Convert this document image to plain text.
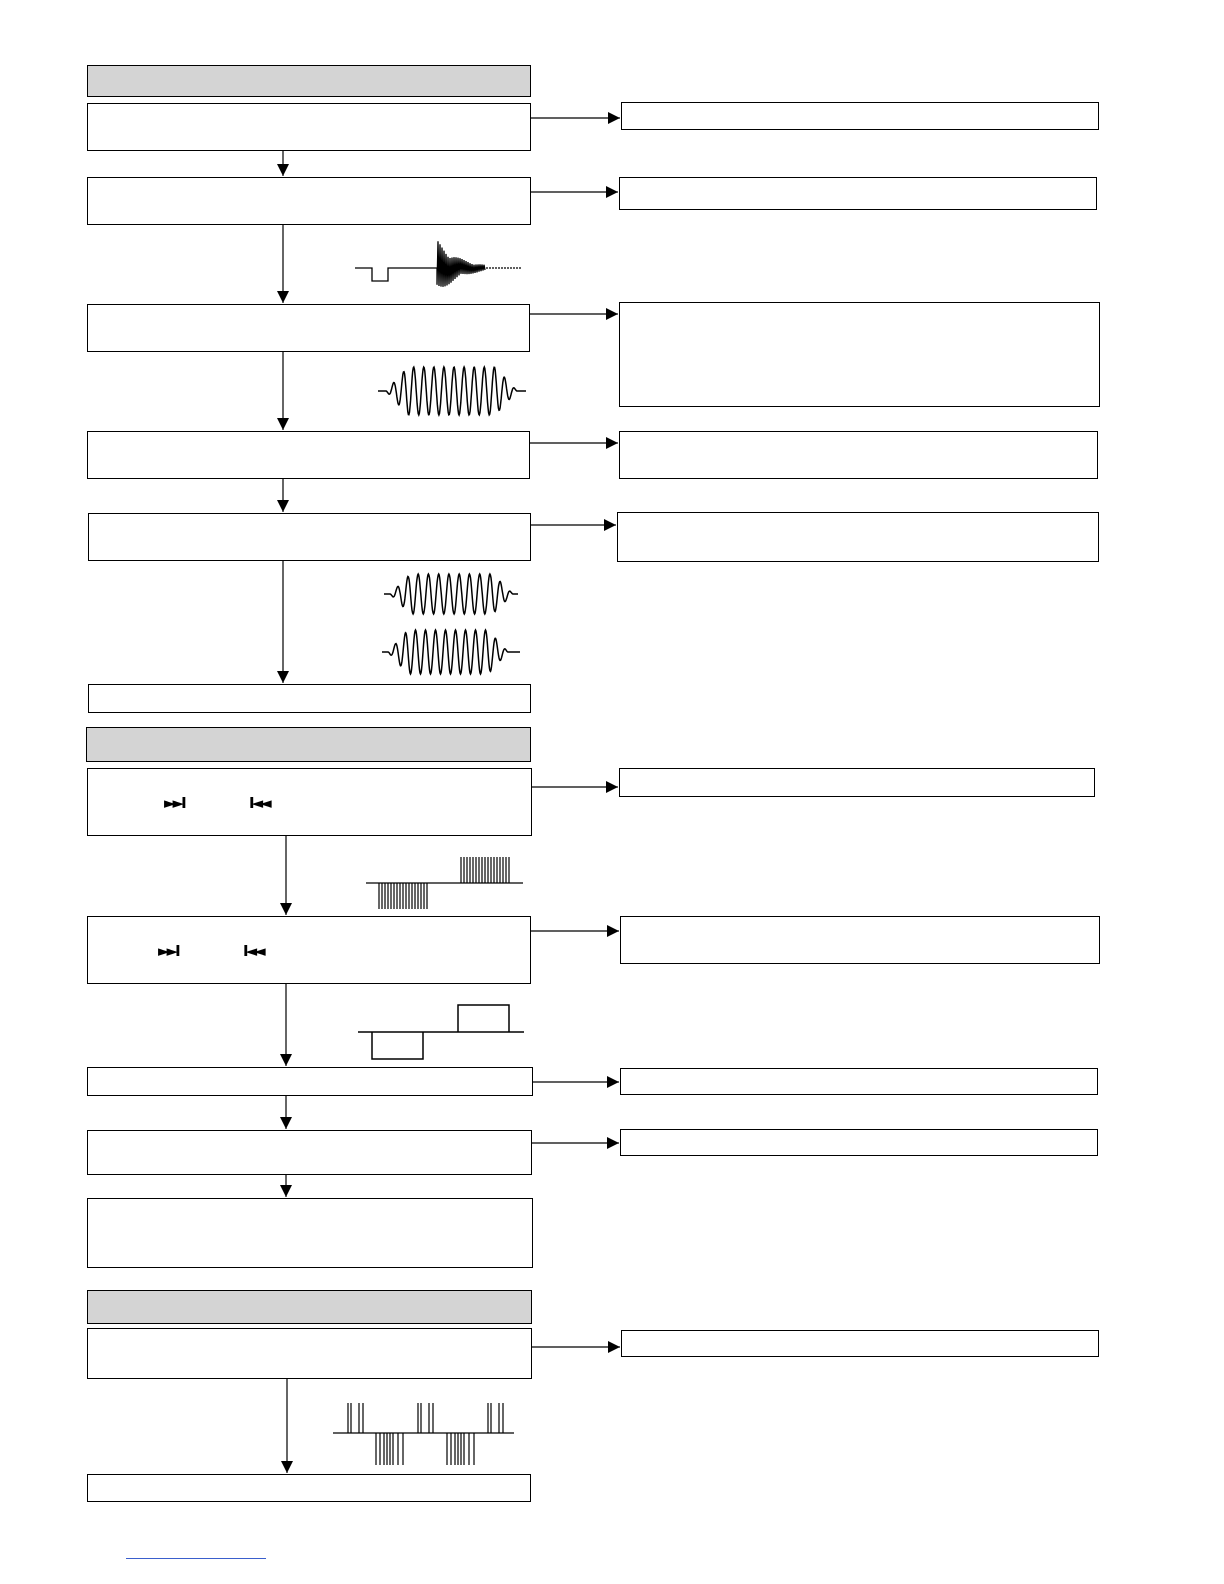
►►I	I◄◄
►►I	I◄◄
